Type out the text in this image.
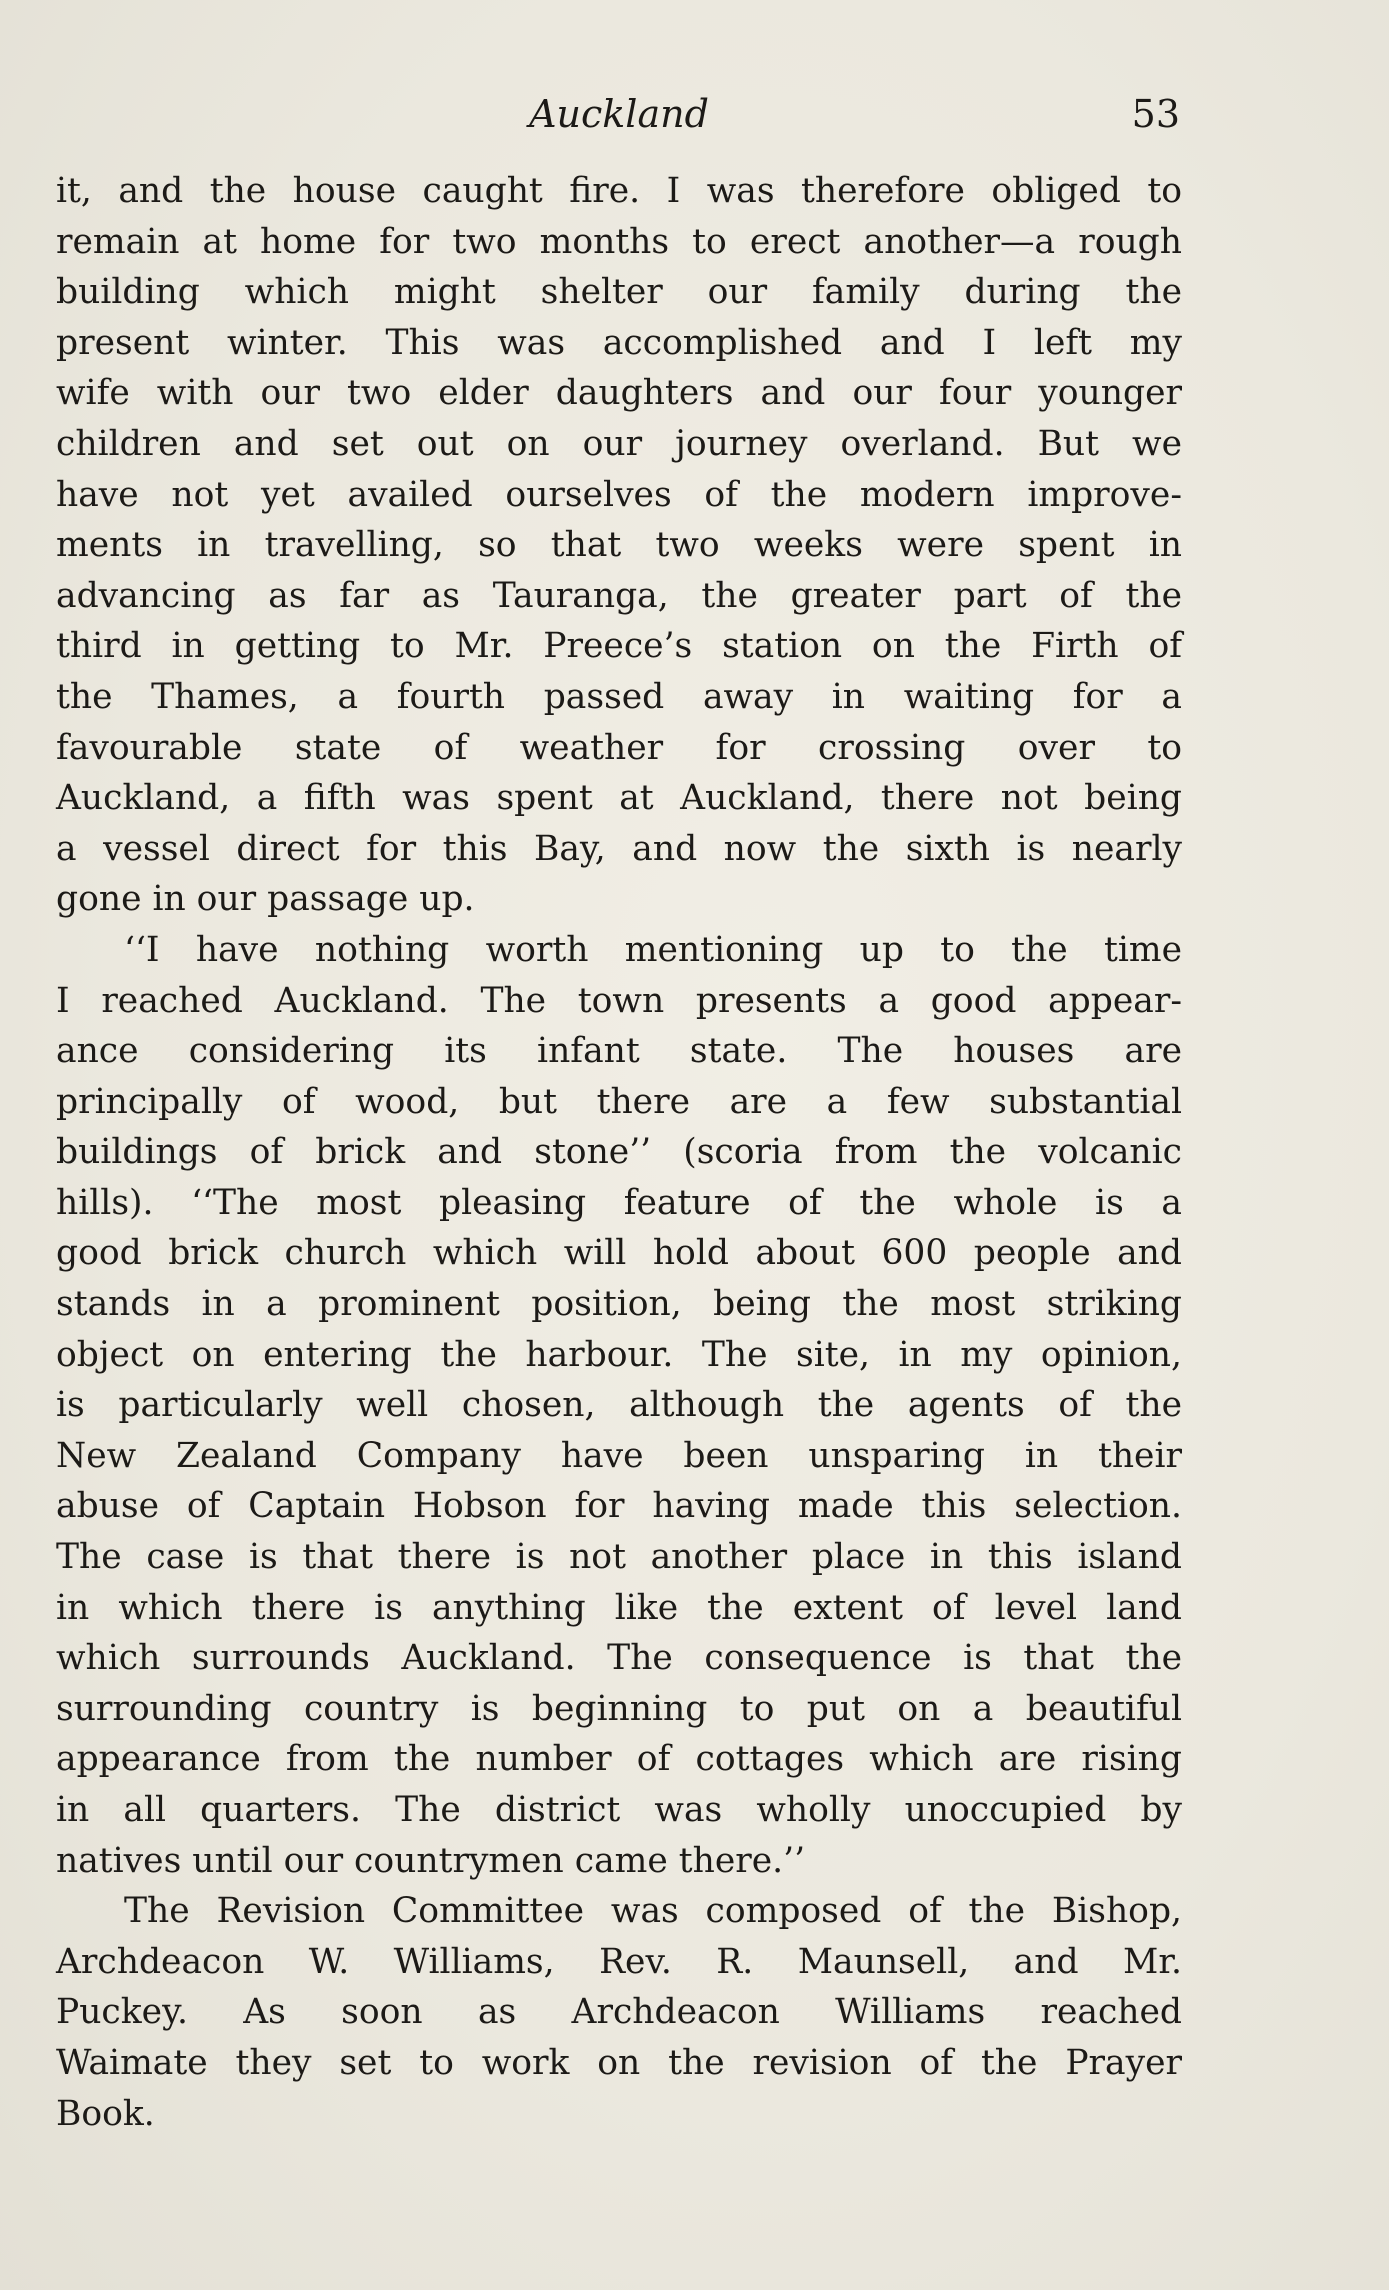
Auckland	53
it, and the house caught fire. I was therefore obliged to
remain at home for two months to erect another—a rough
building which might shelter our family during the
present winter. This was accomplished and I left my
wife with our two elder daughters and our four younger
children and set out on our journey overland. But we
have not yet availed ourselves of the modern improve-
ments in travelling, so that two weeks were spent in
advancing as far as Tauranga, the greater part of the
third in getting to Mr. Preece’s station on the Firth of
the Thames, a fourth passed away in waiting for a
favourable state of weather for crossing over to
Auckland, a fifth was spent at Auckland, there not being
a vessel direct for this Bay, and now the sixth is nearly
gone in our passage up.
‘‘I have nothing worth mentioning up to the time
I reached Auckland. The town presents a good appear-
ance considering its infant state. The houses are
principally of wood, but there are a few substantial
buildings of brick and stone’’ (scoria from the volcanic
hills). ‘‘The most pleasing feature of the whole is a
good brick church which will hold about 600 people and
stands in a prominent position, being the most striking
object on entering the harbour. The site, in my opinion,
is particularly well chosen, although the agents of the
New Zealand Company have been unsparing in their
abuse of Captain Hobson for having made this selection.
The case is that there is not another place in this island
in which there is anything like the extent of level land
which surrounds Auckland. The consequence is that the
surrounding country is beginning to put on a beautiful
appearance from the number of cottages which are rising
in all quarters. The district was wholly unoccupied by
natives until our countrymen came there.’’
The Revision Committee was composed of the Bishop,
Archdeacon W. Williams, Rev. R. Maunsell, and Mr.
Puckey. As soon as Archdeacon Williams reached
Waimate they set to work on the revision of the Prayer
Book.
